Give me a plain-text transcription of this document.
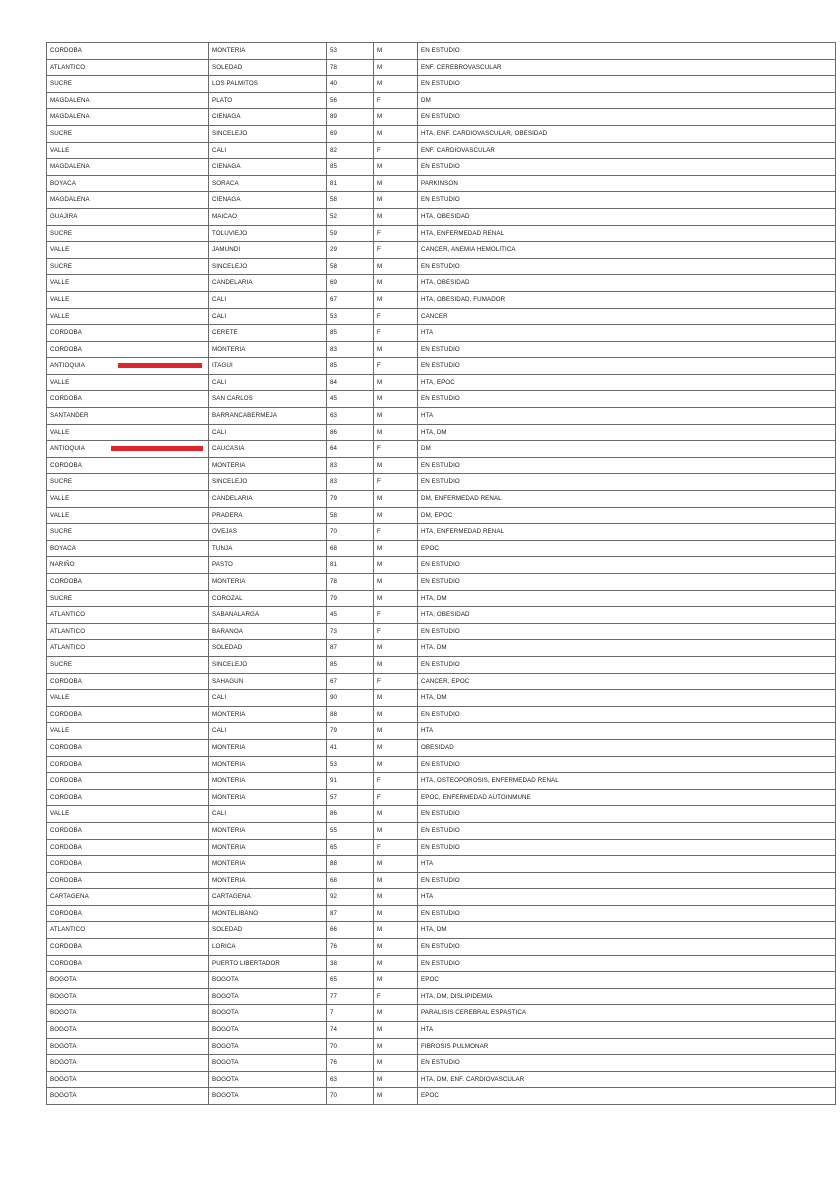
CORDOBA	MONTERIA	53	M	EN ESTUDIO
ATLANTICO	SOLEDAD	78	M	ENF. CEREBROVASCULAR
SUCRE	LOS PALMITOS	40	M	EN ESTUDIO
MAGDALENA	PLATO	56	F	DM
MAGDALENA	CIENAGA	89	M	EN ESTUDIO
SUCRE	SINCELEJO	69	M	HTA, ENF. CARDIOVASCULAR, OBESIDAD
VALLE	CALI	82	F	ENF. CARDIOVASCULAR
MAGDALENA	CIENAGA	85	M	EN ESTUDIO
BOYACA	SORACA	81	M	PARKINSON
MAGDALENA	CIENAGA	58	M	EN ESTUDIO
GUAJIRA	MAICAO	52	M	HTA, OBESIDAD
SUCRE	TOLUVIEJO	59	F	HTA, ENFERMEDAD RENAL
VALLE	JAMUNDI	29	F	CANCER, ANEMIA HEMOLITICA
SUCRE	SINCELEJO	58	M	EN ESTUDIO
VALLE	CANDELARIA	69	M	HTA, OBESIDAD
VALLE	CALI	67	M	HTA, OBESIDAD, FUMADOR
VALLE	CALI	53	F	CANCER
CORDOBA	CERETE	85	F	HTA
CORDOBA	MONTERIA	83	M	EN ESTUDIO
ANTIOQUIA	ITAGUI	85	F	EN ESTUDIO
VALLE	CALI	84	M	HTA, EPOC
CORDOBA	SAN CARLOS	45	M	EN ESTUDIO
SANTANDER	BARRANCABERMEJA	63	M	HTA
VALLE	CALI	86	M	HTA, DM
ANTIOQUIA	CAUCASIA	64	F	DM
CORDOBA	MONTERIA	83	M	EN ESTUDIO
SUCRE	SINCELEJO	83	F	EN ESTUDIO
VALLE	CANDELARIA	79	M	DM, ENFERMEDAD RENAL
VALLE	PRADERA	58	M	DM, EPOC
SUCRE	OVEJAS	70	F	HTA, ENFERMEDAD RENAL
BOYACA	TUNJA	68	M	EPOC
NARIÑO	PASTO	81	M	EN ESTUDIO
CORDOBA	MONTERIA	78	M	EN ESTUDIO
SUCRE	COROZAL	79	M	HTA, DM
ATLANTICO	SABANALARGA	45	F	HTA, OBESIDAD
ATLANTICO	BARANOA	73	F	EN ESTUDIO
ATLANTICO	SOLEDAD	87	M	HTA, DM
SUCRE	SINCELEJO	85	M	EN ESTUDIO
CORDOBA	SAHAGUN	67	F	CANCER, EPOC
VALLE	CALI	90	M	HTA, DM
CORDOBA	MONTERIA	88	M	EN ESTUDIO
VALLE	CALI	79	M	HTA
CORDOBA	MONTERIA	41	M	OBESIDAD
CORDOBA	MONTERIA	53	M	EN ESTUDIO
CORDOBA	MONTERIA	91	F	HTA, OSTEOPOROSIS, ENFERMEDAD RENAL
CORDOBA	MONTERIA	57	F	EPOC, ENFERMEDAD AUTOINMUNE
VALLE	CALI	86	M	EN ESTUDIO
CORDOBA	MONTERIA	55	M	EN ESTUDIO
CORDOBA	MONTERIA	65	F	EN ESTUDIO
CORDOBA	MONTERIA	88	M	HTA
CORDOBA	MONTERIA	68	M	EN ESTUDIO
CARTAGENA	CARTAGENA	92	M	HTA
CORDOBA	MONTELIBANO	87	M	EN ESTUDIO
ATLANTICO	SOLEDAD	66	M	HTA, DM
CORDOBA	LORICA	76	M	EN ESTUDIO
CORDOBA	PUERTO LIBERTADOR	38	M	EN ESTUDIO
BOGOTA	BOGOTA	65	M	EPOC
BOGOTA	BOGOTA	77	F	HTA, DM, DISLIPIDEMIA
BOGOTA	BOGOTA	7	M	PARALISIS CEREBRAL ESPASTICA
BOGOTA	BOGOTA	74	M	HTA
BOGOTA	BOGOTA	70	M	FIBROSIS PULMONAR
BOGOTA	BOGOTA	76	M	EN ESTUDIO
BOGOTA	BOGOTA	63	M	HTA, DM, ENF. CARDIOVASCULAR
BOGOTA	BOGOTA	70	M	EPOC
